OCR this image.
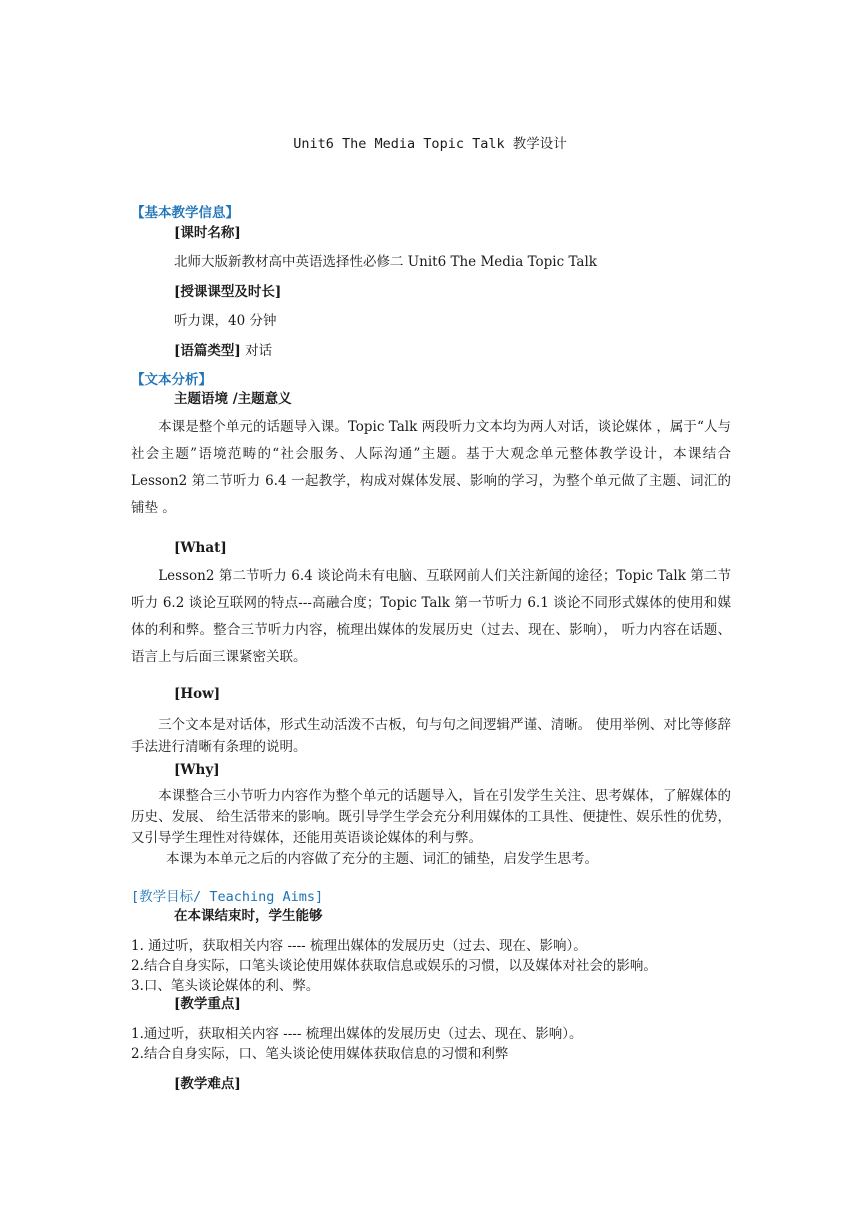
Unit6 The Media Topic Talk 教学设计
【基本教学信息】
[课时名称]
北师大版新教材高中英语选择性必修二 Unit6 The Media Topic Talk
[授课课型及时长]
听力课，40 分钟
[语篇类型] 对话
【文本分析】
主题语境 /主题意义
　　本课是整个单元的话题导入课。Topic Talk 两段听力文本均为两人对话，谈论媒体 ，属于“人与社会主题”语境范畴的“社会服务、人际沟通”主题。基于大观念单元整体教学设计，本课结合 Lesson2 第二节听力 6.4 一起教学，构成对媒体发展、影响的学习，为整个单元做了主题、词汇的铺垫 。
[What]
　　Lesson2 第二节听力 6.4 谈论尚未有电脑、互联网前人们关注新闻的途径；Topic Talk 第二节听力 6.2 谈论互联网的特点---高融合度；Topic Talk 第一节听力 6.1 谈论不同形式媒体的使用和媒体的利和弊。整合三节听力内容，梳理出媒体的发展历史（过去、现在、影响）， 听力内容在话题、语言上与后面三课紧密关联。
[How]
　　三个文本是对话体，形式生动活泼不古板，句与句之间逻辑严谨、清晰。 使用举例、对比等修辞手法进行清晰有条理的说明。
[Why]
　　本课整合三小节听力内容作为整个单元的话题导入，旨在引发学生关注、思考媒体，了解媒体的历史、发展、 给生活带来的影响。既引导学生学会充分利用媒体的工具性、便捷性、娱乐性的优势，又引导学生理性对待媒体，还能用英语谈论媒体的利与弊。
本课为本单元之后的内容做了充分的主题、词汇的铺垫，启发学生思考。
[教学目标/ Teaching Aims]
在本课结束时，学生能够
1. 通过听，获取相关内容 ---- 梳理出媒体的发展历史（过去、现在、影响）。
2.结合自身实际，口笔头谈论使用媒体获取信息或娱乐的习惯，以及媒体对社会的影响。
3.口、笔头谈论媒体的利、弊。
[教学重点]
1.通过听，获取相关内容 ---- 梳理出媒体的发展历史（过去、现在、影响）。
2.结合自身实际，口、笔头谈论使用媒体获取信息的习惯和利弊
[教学难点]
